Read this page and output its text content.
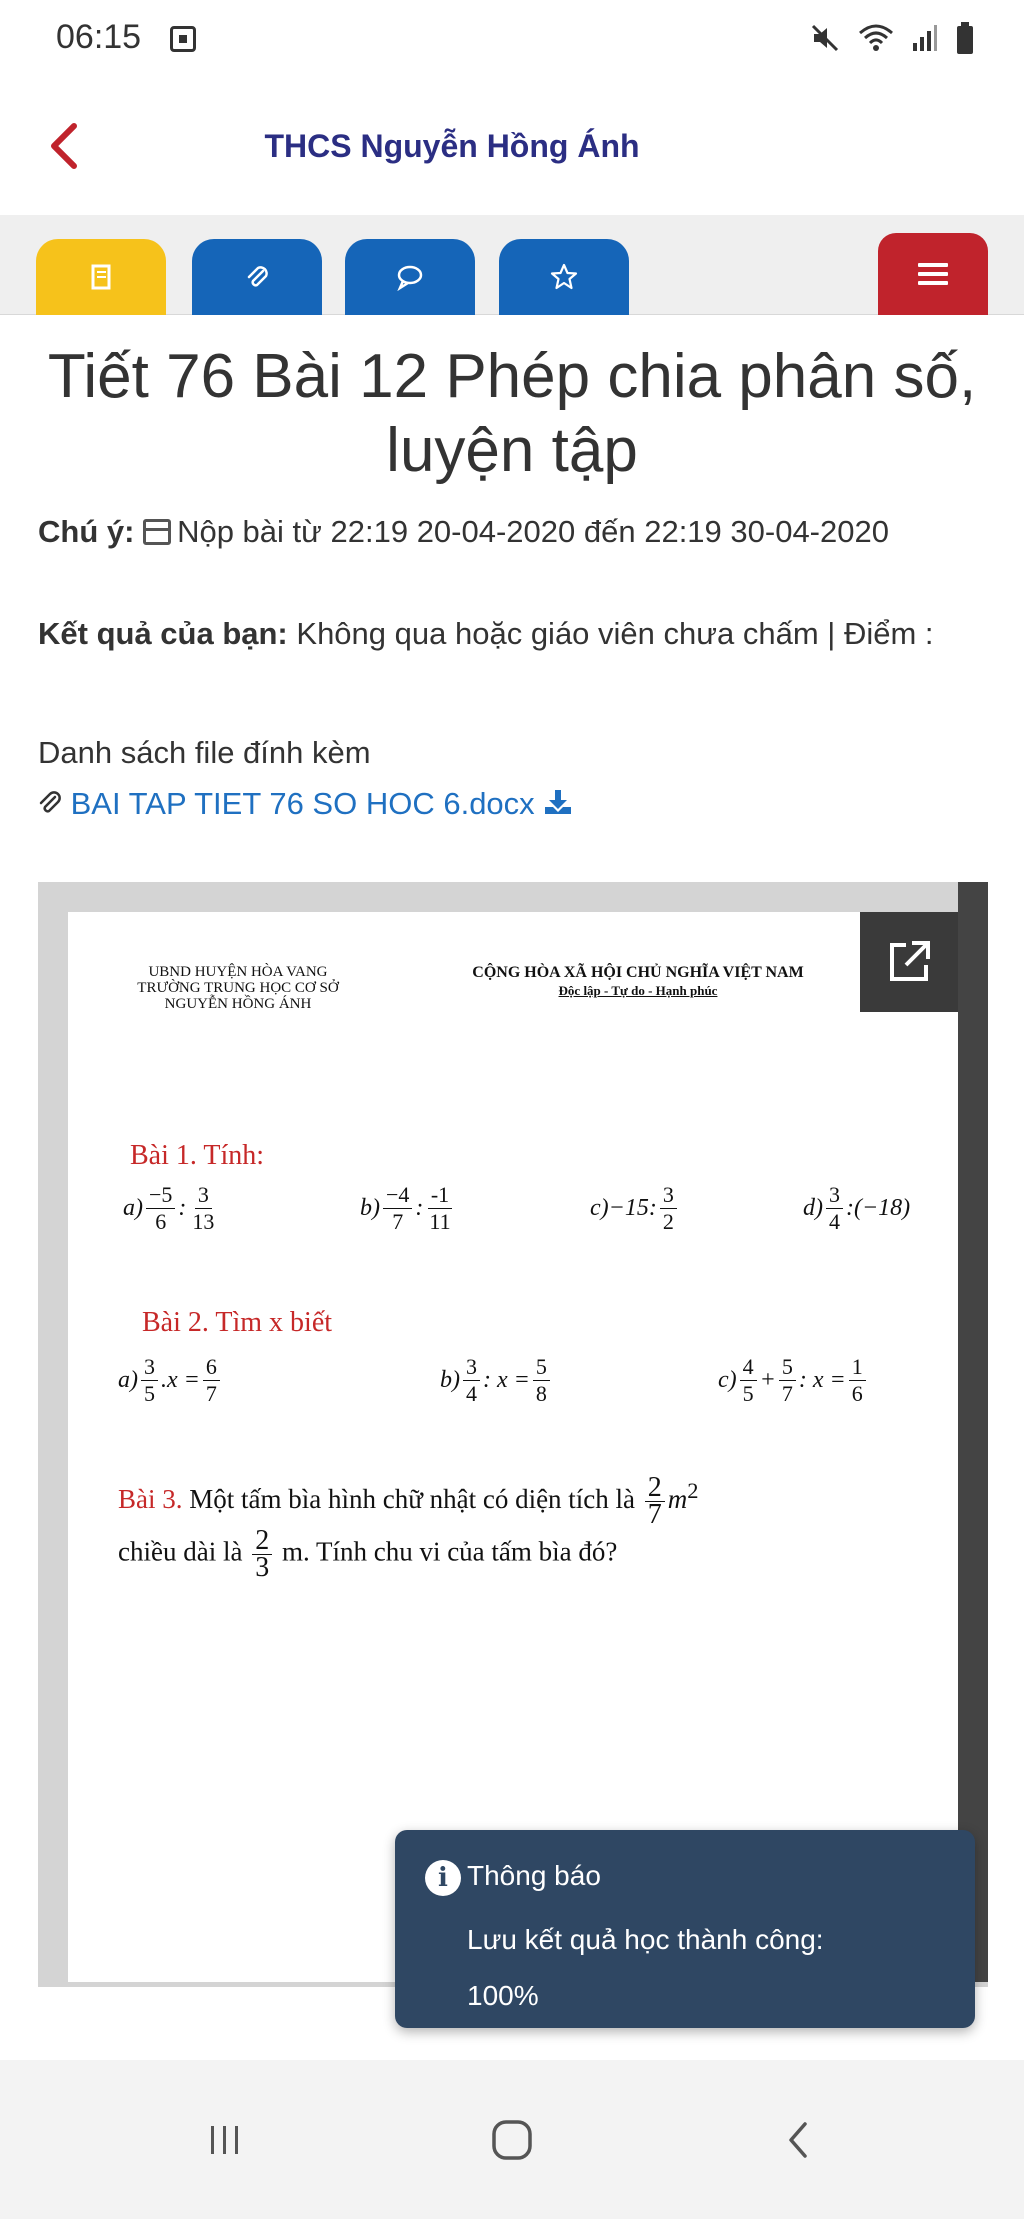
06:15
THCS Nguyễn Hồng Ánh
Tiết 76 Bài 12 Phép chia phân số, luyện tập
Chú ý: Nộp bài từ 22:19 20-04-2020 đến 22:19 30-04-2020
Kết quả của bạn: Không qua hoặc giáo viên chưa chấm | Điểm :
Danh sách file đính kèm
BAI TAP TIET 76 SO HOC 6.docx
UBND HUYỆN HÒA VANG TRƯỜNG TRUNG HỌC CƠ SỞ NGUYỄN HỒNG ÁNH
CỘNG HÒA XÃ HỘI CHỦ NGHĨA VIỆT NAM
Độc lập - Tự do - Hạnh phúc
Bài 1. Tính:
$a) \frac{-5}{6}$ : $\frac{3}{13}$	$b) \frac{-4}{7}$ : $\frac{-1}{11}$	c)−15: $\frac{3}{2}$	$d) \frac{3}{4}$ :(−18)
Bài 2. Tìm x biết
$a) \frac{3}{5} .x = \frac{6}{7}$	$b) \frac{3}{4}$ : $x = \frac{5}{8}$	$c) \frac{4}{5} + \frac{5}{7}$ : $x = \frac{1}{6}$
Bài 3. Một tấm bìa hình chữ nhật có diện tích là $\frac{2}{7} m^2$
chiều dài là $\frac{2}{3} m$. Tính chu vi của tấm bìa đó?
i Thông báo
Lưu kết quả học thành công:
100%
